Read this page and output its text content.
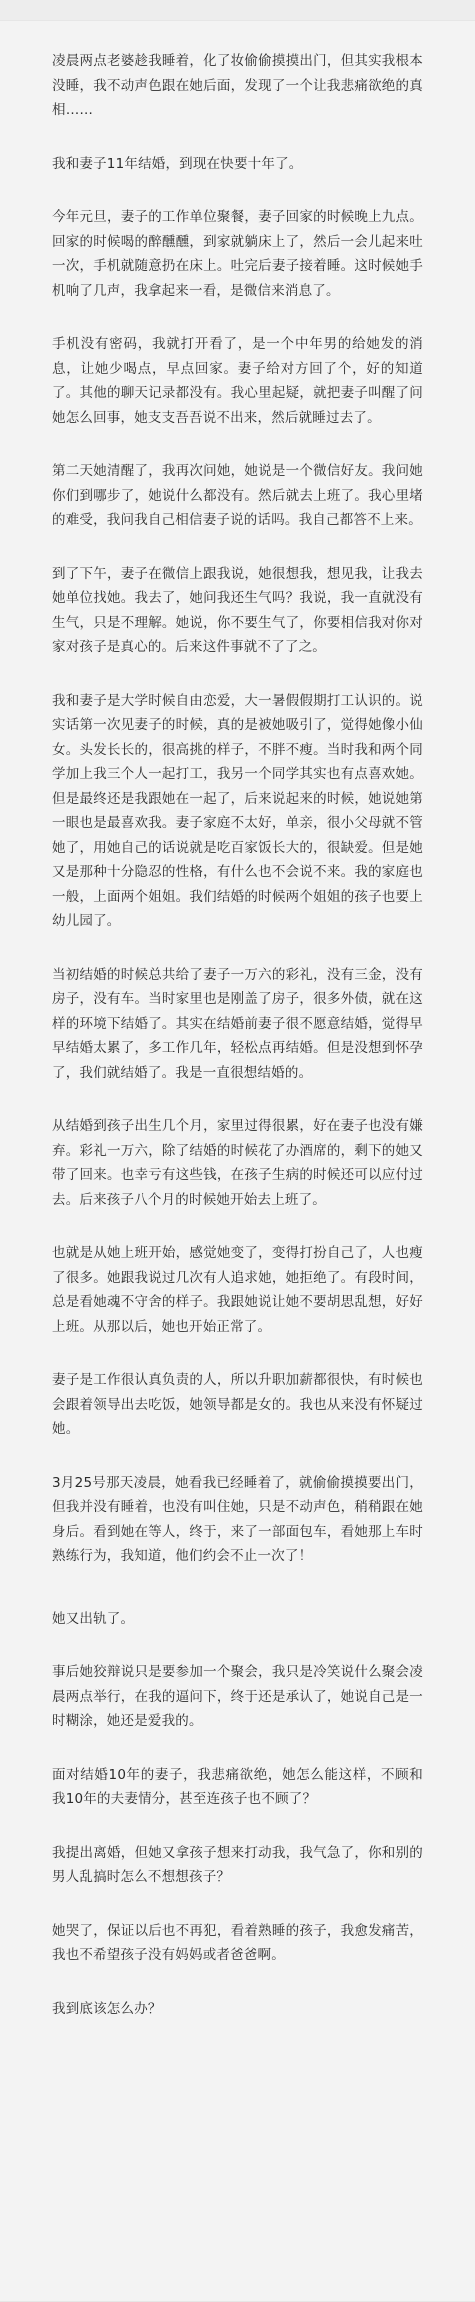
凌晨两点老婆趁我睡着，化了妆偷偷摸摸出门，但其实我根本没睡，我不动声色跟在她后面，发现了一个让我悲痛欲绝的真相……

我和妻子11年结婚，到现在快要十年了。

今年元旦，妻子的工作单位聚餐，妻子回家的时候晚上九点。回家的时候喝的醉醺醺，到家就躺床上了，然后一会儿起来吐一次，手机就随意扔在床上。吐完后妻子接着睡。这时候她手机响了几声，我拿起来一看，是微信来消息了。

手机没有密码，我就打开看了，是一个中年男的给她发的消息，让她少喝点，早点回家。妻子给对方回了个，好的知道了。其他的聊天记录都没有。我心里起疑，就把妻子叫醒了问她怎么回事，她支支吾吾说不出来，然后就睡过去了。

第二天她清醒了，我再次问她，她说是一个微信好友。我问她你们到哪步了，她说什么都没有。然后就去上班了。我心里堵的难受，我问我自己相信妻子说的话吗。我自己都答不上来。

到了下午，妻子在微信上跟我说，她很想我，想见我，让我去她单位找她。我去了，她问我还生气吗？我说，我一直就没有生气，只是不理解。她说，你不要生气了，你要相信我对你对家对孩子是真心的。后来这件事就不了了之。

我和妻子是大学时候自由恋爱，大一暑假假期打工认识的。说实话第一次见妻子的时候，真的是被她吸引了，觉得她像小仙女。头发长长的，很高挑的样子，不胖不瘦。当时我和两个同学加上我三个人一起打工，我另一个同学其实也有点喜欢她。但是最终还是我跟她在一起了，后来说起来的时候，她说她第一眼也是最喜欢我。妻子家庭不太好，单亲，很小父母就不管她了，用她自己的话说就是吃百家饭长大的，很缺爱。但是她又是那种十分隐忍的性格，有什么也不会说不来。我的家庭也一般，上面两个姐姐。我们结婚的时候两个姐姐的孩子也要上幼儿园了。

当初结婚的时候总共给了妻子一万六的彩礼，没有三金，没有房子，没有车。当时家里也是刚盖了房子，很多外债，就在这样的环境下结婚了。其实在结婚前妻子很不愿意结婚，觉得早早结婚太累了，多工作几年，轻松点再结婚。但是没想到怀孕了，我们就结婚了。我是一直很想结婚的。

从结婚到孩子出生几个月，家里过得很累，好在妻子也没有嫌弃。彩礼一万六，除了结婚的时候花了办酒席的，剩下的她又带了回来。也幸亏有这些钱，在孩子生病的时候还可以应付过去。后来孩子八个月的时候她开始去上班了。

也就是从她上班开始，感觉她变了，变得打扮自己了，人也瘦了很多。她跟我说过几次有人追求她，她拒绝了。有段时间，总是看她魂不守舍的样子。我跟她说让她不要胡思乱想，好好上班。从那以后，她也开始正常了。

妻子是工作很认真负责的人，所以升职加薪都很快，有时候也会跟着领导出去吃饭，她领导都是女的。我也从来没有怀疑过她。

3月25号那天凌晨，她看我已经睡着了，就偷偷摸摸要出门，但我并没有睡着，也没有叫住她，只是不动声色，稍稍跟在她身后。看到她在等人，终于，来了一部面包车，看她那上车时熟练行为，我知道，他们约会不止一次了！

她又出轨了。

事后她狡辩说只是要参加一个聚会，我只是冷笑说什么聚会凌晨两点举行，在我的逼问下，终于还是承认了，她说自己是一时糊涂，她还是爱我的。

面对结婚10年的妻子，我悲痛欲绝，她怎么能这样，不顾和我10年的夫妻情分，甚至连孩子也不顾了？

我提出离婚，但她又拿孩子想来打动我，我气急了，你和别的男人乱搞时怎么不想想孩子？

她哭了，保证以后也不再犯，看着熟睡的孩子，我愈发痛苦，我也不希望孩子没有妈妈或者爸爸啊。

我到底该怎么办？
